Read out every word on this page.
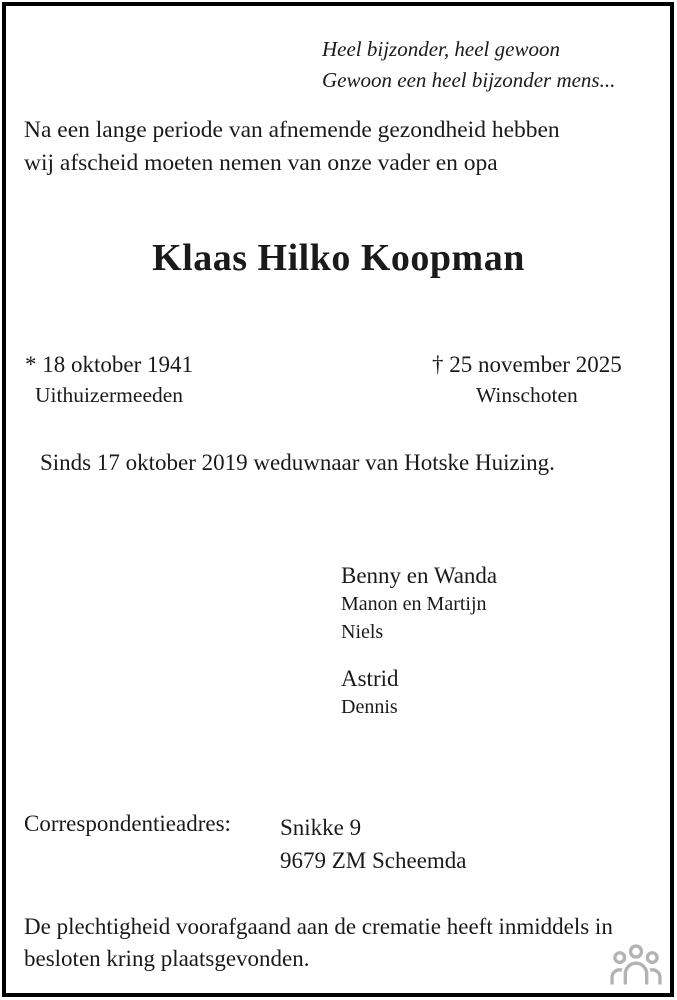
Heel bijzonder, heel gewoon
Gewoon een heel bijzonder mens...
Na een lange periode van afnemende gezondheid hebben
wij afscheid moeten nemen van onze vader en opa
Klaas Hilko Koopman
* 18 oktober 1941
Uithuizermeeden
† 25 november 2025
Winschoten
Sinds 17 oktober 2019 weduwnaar van Hotske Huizing.
Benny en Wanda
Manon en Martijn
Niels
Astrid
Dennis
Correspondentieadres: Snikke 9
9679 ZM Scheemda
De plechtigheid voorafgaand aan de crematie heeft inmiddels in
besloten kring plaatsgevonden.
